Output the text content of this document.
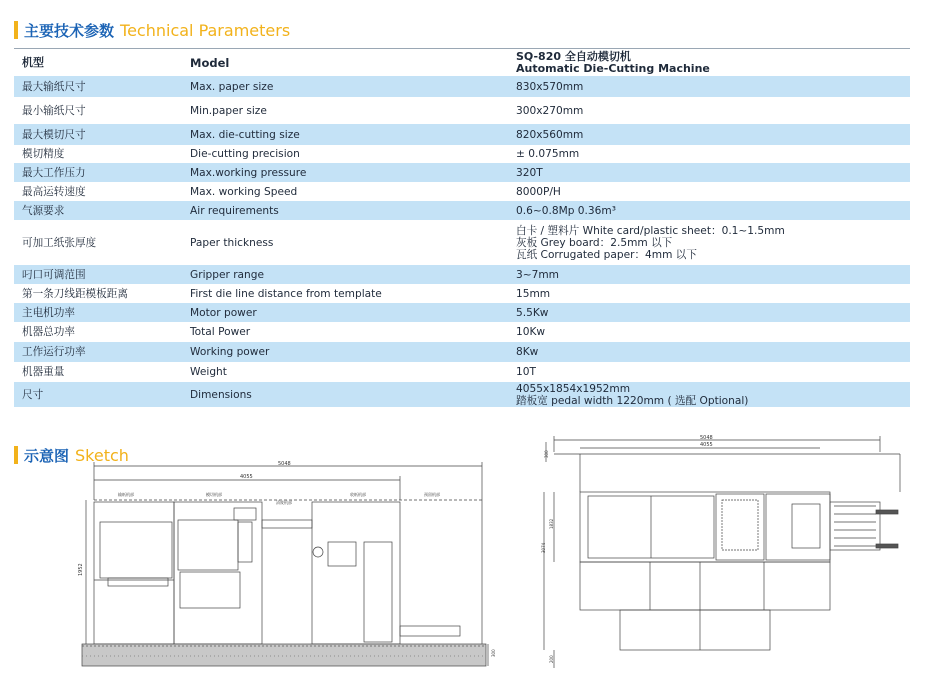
主要技术参数 Technical Parameters
机型	Model	SQ-820 全自动模切机
Automatic Die-Cutting Machine

最大输纸尺寸	Max. paper size	830x570mm

最小输纸尺寸	Min.paper size	300x270mm

最大模切尺寸	Max. die-cutting size	820x560mm

模切精度	Die-cutting precision	± 0.075mm

最大工作压力	Max.working pressure	320T

最高运转速度	Max. working Speed	8000P/H

气源要求	Air requirements	0.6~0.8Mp 0.36m³

可加工纸张厚度	Paper thickness	白卡 / 塑料片 White card/plastic sheet：0.1~1.5mm
灰板 Grey board：2.5mm 以下
瓦纸 Corrugated paper：4mm 以下

叼口可调范围	Gripper range	3~7mm

第一条刀线距模板距离	First die line distance from template	15mm

主电机功率	Motor power	5.5Kw

机器总功率	Total Power	10Kw

工作运行功率	Working power	8Kw

机器重量	Weight	10T

尺寸	Dimensions	4055x1854x1952mm
踏板宽 pedal width 1220mm ( 选配 Optional)
示意图 Sketch	5048
4055
输纸机部	模切机部
清废机部
收纸机部	预留机部
1952
300
5048
4055
300
1832
3074
200
